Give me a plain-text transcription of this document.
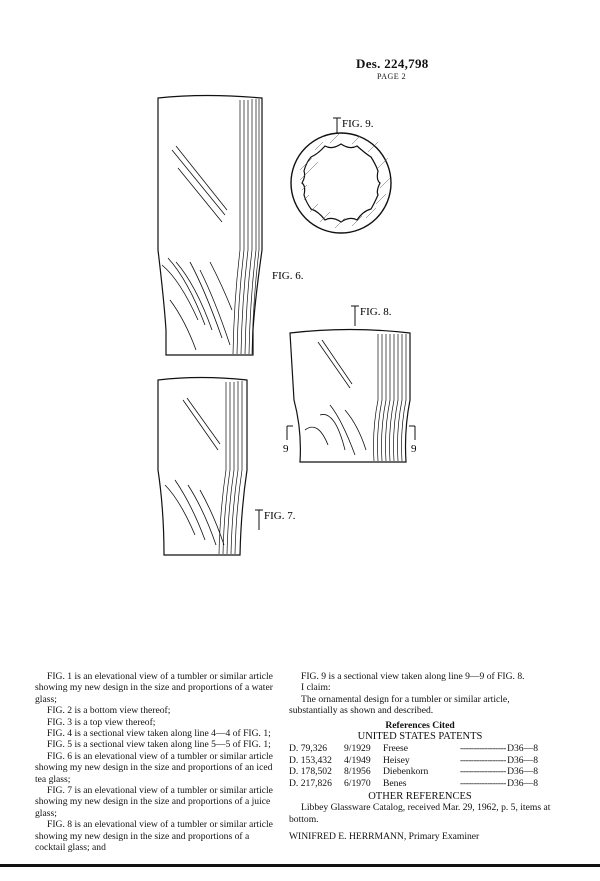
Des. 224,798
PAGE 2
FIG. 6.
FIG. 9.
FIG. 8.
9	9
FIG. 7.

FIG. 1 is an elevational view of a tumbler or similar article showing my new design in the size and proportions of a water glass;

FIG. 2 is a bottom view thereof;

FIG. 3 is a top view thereof;

FIG. 4 is a sectional view taken along line 4—4 of FIG. 1;

FIG. 5 is a sectional view taken along line 5—5 of FIG. 1;

FIG. 6 is an elevational view of a tumbler or similar article showing my new design in the size and proportions of an iced tea glass;

FIG. 7 is an elevational view of a tumbler or similar article showing my new design in the size and proportions of a juice glass;

FIG. 8 is an elevational view of a tumbler or similar article showing my new design in the size and proportions of a cocktail glass; and

FIG. 9 is a sectional view taken along line 9—9 of FIG. 8.

I claim:

The ornamental design for a tumbler or similar article, substantially as shown and described.

References Cited

UNITED STATES PATENTS

D. 79,326	9/1929	Freese	----------------- D36—8
D. 153,432	4/1949	Heisey	----------------- D36—8
D. 178,502	8/1956	Diebenkorn	----------------- D36—8
D. 217,826	6/1970	Benes	----------------- D36—8

OTHER REFERENCES

Libbey Glassware Catalog, received Mar. 29, 1962, p. 5, items at bottom.

WINIFRED E. HERRMANN, Primary Examiner
